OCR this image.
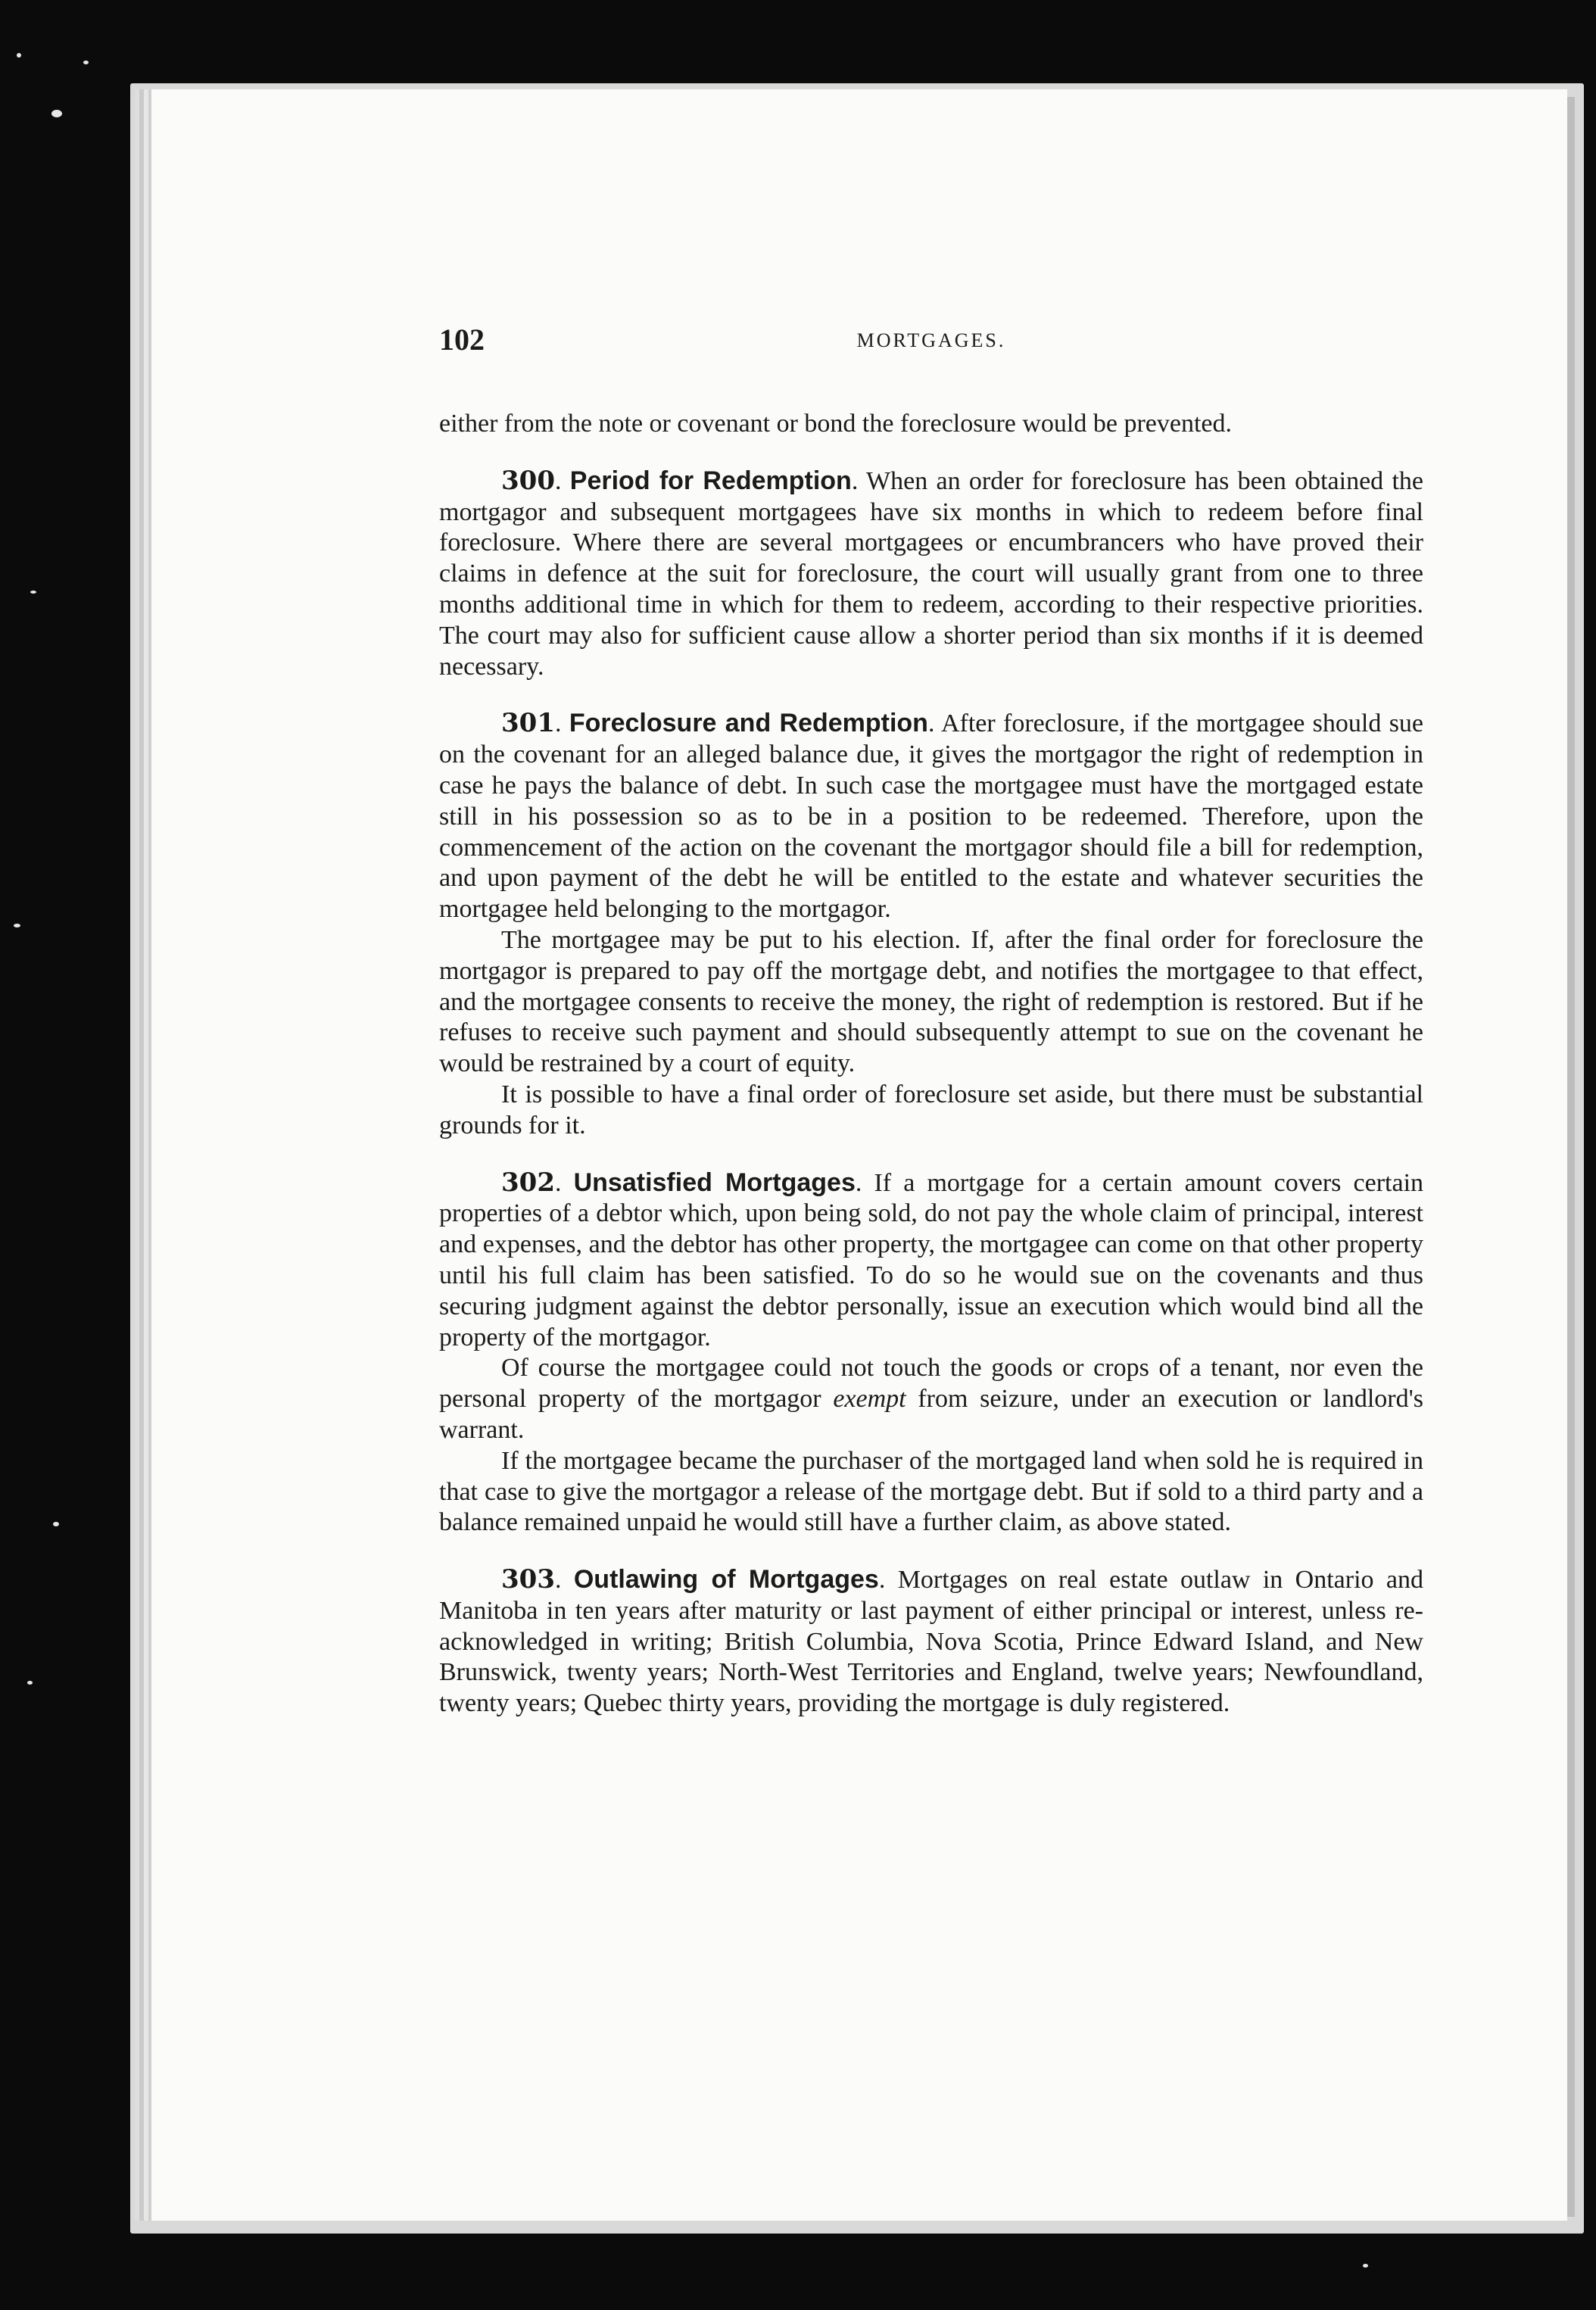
102	MORTGAGES.

either from the note or covenant or bond the foreclosure would be prevented.

300. Period for Redemption. When an order for foreclosure has been obtained the mortgagor and subsequent mortgagees have six months in which to redeem before final foreclosure. Where there are several mortgagees or encumbrancers who have proved their claims in defence at the suit for foreclosure, the court will usually grant from one to three months additional time in which for them to redeem, according to their respective priorities. The court may also for sufficient cause allow a shorter period than six months if it is deemed necessary.

301. Foreclosure and Redemption. After foreclosure, if the mortgagee should sue on the covenant for an alleged balance due, it gives the mortgagor the right of redemption in case he pays the balance of debt. In such case the mortgagee must have the mortgaged estate still in his possession so as to be in a position to be redeemed. Therefore, upon the commencement of the action on the covenant the mortgagor should file a bill for redemption, and upon payment of the debt he will be entitled to the estate and whatever securities the mortgagee held belonging to the mortgagor.

The mortgagee may be put to his election. If, after the final order for foreclosure the mortgagor is prepared to pay off the mortgage debt, and notifies the mortgagee to that effect, and the mortgagee consents to receive the money, the right of redemption is restored. But if he refuses to receive such payment and should subsequently attempt to sue on the covenant he would be restrained by a court of equity.

It is possible to have a final order of foreclosure set aside, but there must be substantial grounds for it.

302. Unsatisfied Mortgages. If a mortgage for a certain amount covers certain properties of a debtor which, upon being sold, do not pay the whole claim of principal, interest and expenses, and the debtor has other property, the mortgagee can come on that other property until his full claim has been satisfied. To do so he would sue on the covenants and thus securing judgment against the debtor personally, issue an execution which would bind all the property of the mortgagor.

Of course the mortgagee could not touch the goods or crops of a tenant, nor even the personal property of the mortgagor exempt from seizure, under an execution or landlord's warrant.

If the mortgagee became the purchaser of the mortgaged land when sold he is required in that case to give the mortgagor a release of the mortgage debt. But if sold to a third party and a balance remained unpaid he would still have a further claim, as above stated.

303. Outlawing of Mortgages. Mortgages on real estate outlaw in Ontario and Manitoba in ten years after maturity or last payment of either principal or interest, unless re-acknowledged in writing; British Columbia, Nova Scotia, Prince Edward Island, and New Brunswick, twenty years; North-West Territories and England, twelve years; Newfoundland, twenty years; Quebec thirty years, providing the mortgage is duly registered.
